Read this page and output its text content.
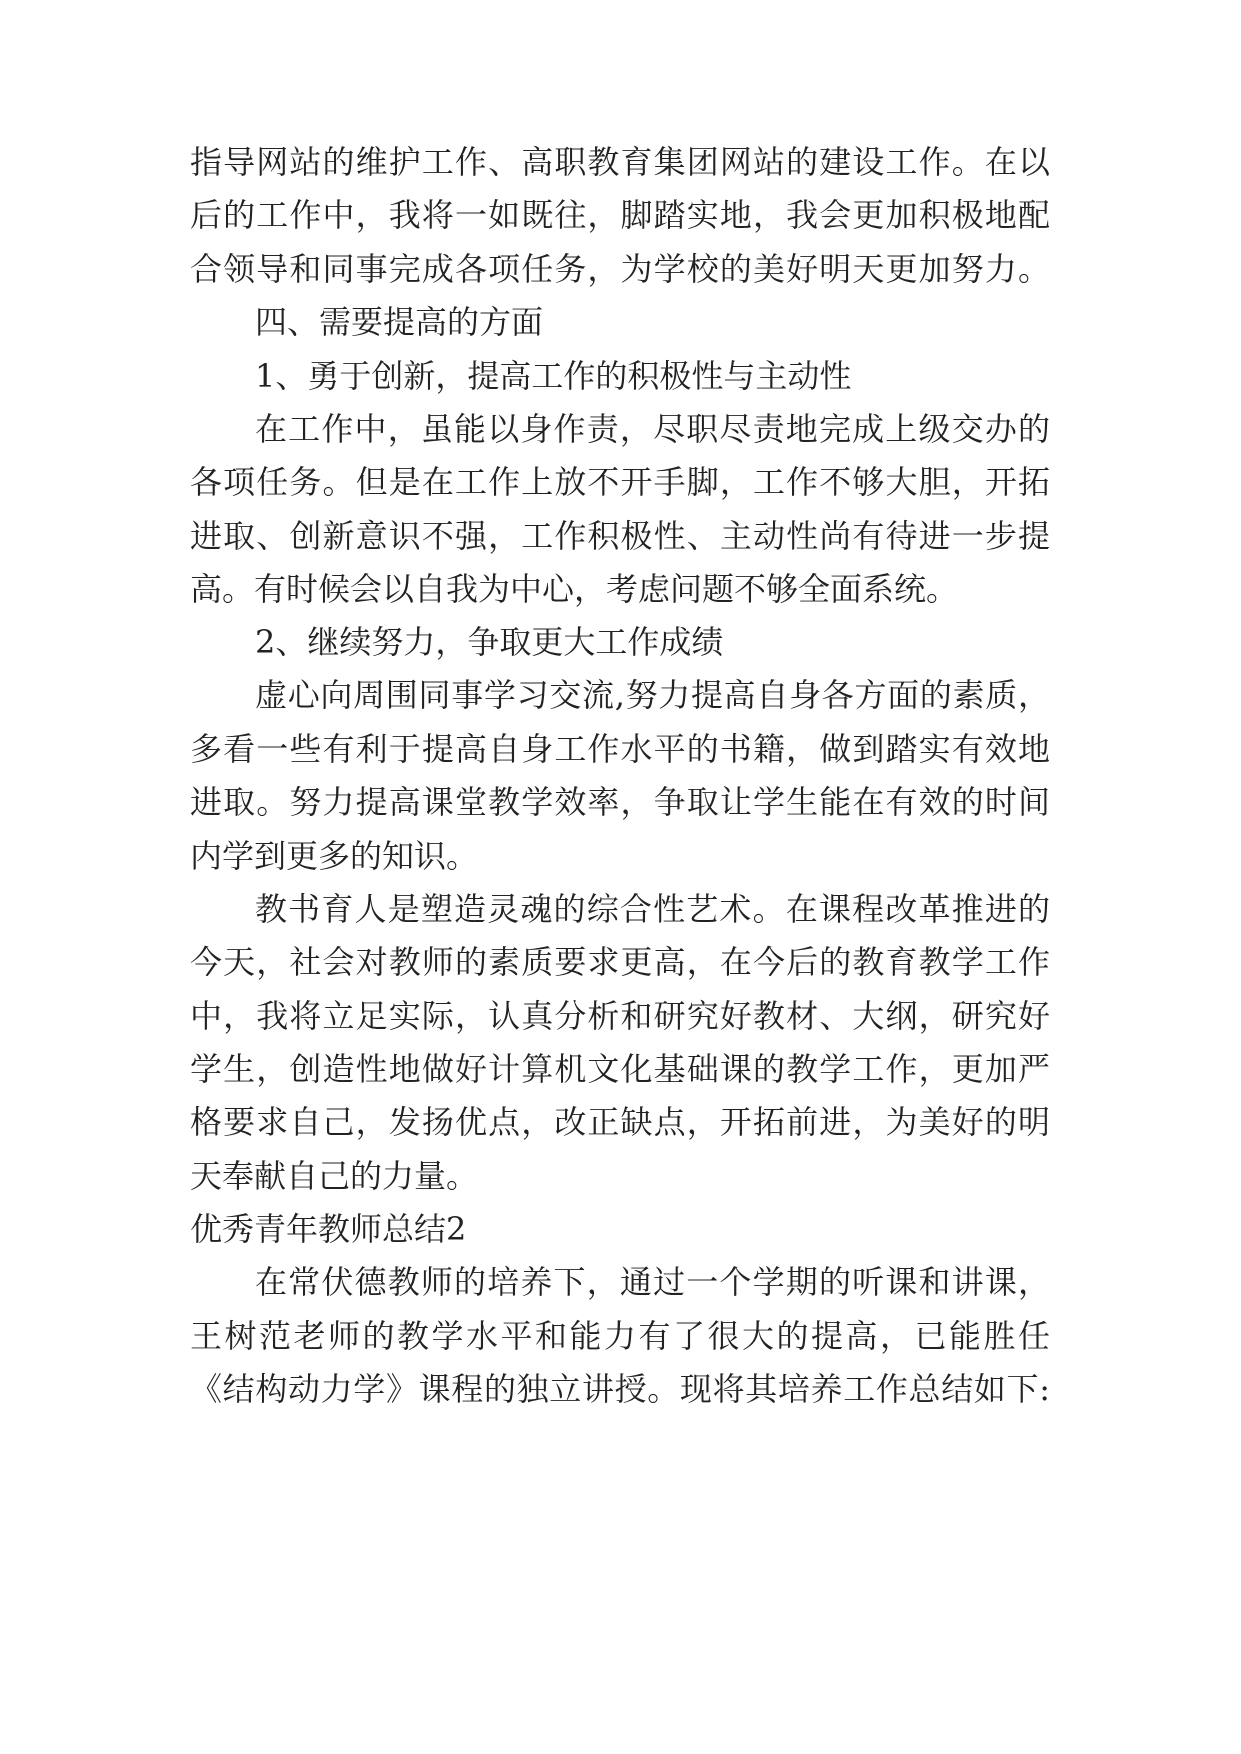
指导网站的维护工作、高职教育集团网站的建设工作。在以
后的工作中，我将一如既往，脚踏实地，我会更加积极地配
合领导和同事完成各项任务，为学校的美好明天更加努力。
四、需要提高的方面
1、勇于创新，提高工作的积极性与主动性
在工作中，虽能以身作责，尽职尽责地完成上级交办的
各项任务。但是在工作上放不开手脚，工作不够大胆，开拓
进取、创新意识不强，工作积极性、主动性尚有待进一步提
高。有时候会以自我为中心，考虑问题不够全面系统。
2、继续努力，争取更大工作成绩
虚心向周围同事学习交流,努力提高自身各方面的素质，
多看一些有利于提高自身工作水平的书籍，做到踏实有效地
进取。努力提高课堂教学效率，争取让学生能在有效的时间
内学到更多的知识。
教书育人是塑造灵魂的综合性艺术。在课程改革推进的
今天，社会对教师的素质要求更高，在今后的教育教学工作
中，我将立足实际，认真分析和研究好教材、大纲，研究好
学生，创造性地做好计算机文化基础课的教学工作，更加严
格要求自己，发扬优点，改正缺点，开拓前进，为美好的明
天奉献自己的力量。
优秀青年教师总结2
在常伏德教师的培养下，通过一个学期的听课和讲课，
王树范老师的教学水平和能力有了很大的提高，已能胜任
《结构动力学》课程的独立讲授。现将其培养工作总结如下:
